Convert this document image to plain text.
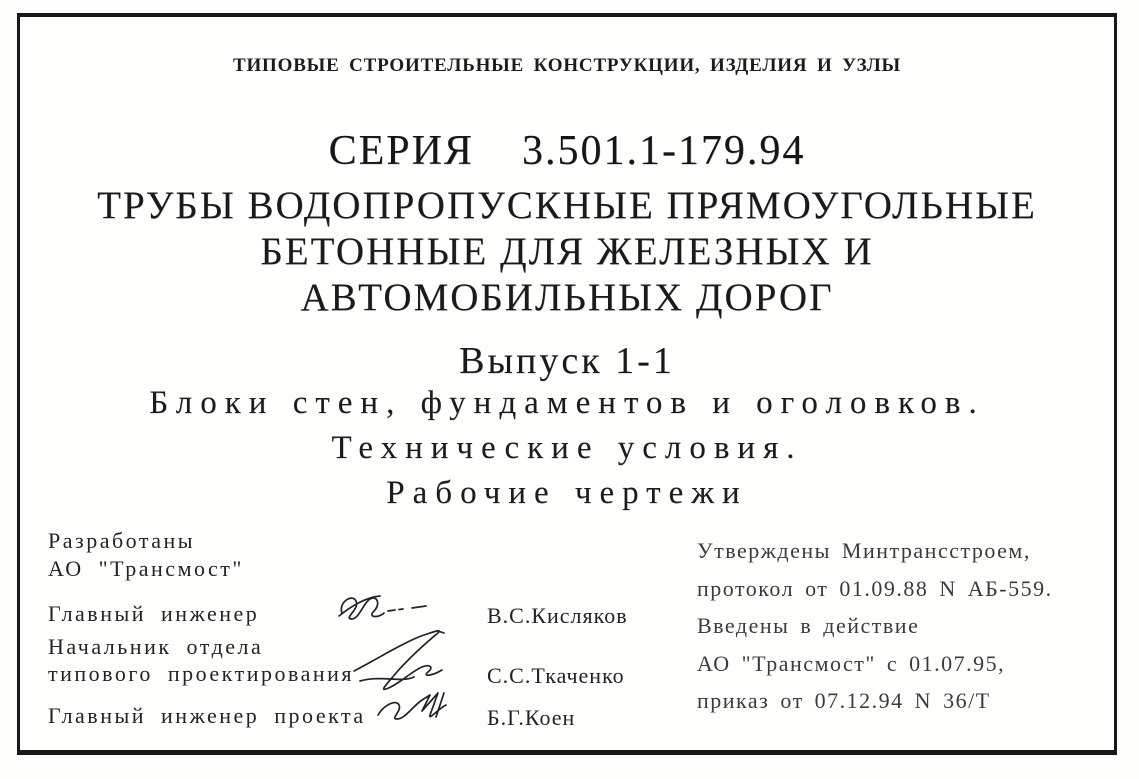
ТИПОВЫЕ СТРОИТЕЛЬНЫЕ КОНСТРУКЦИИ, ИЗДЕЛИЯ И УЗЛЫ
СЕРИЯ 3.501.1-179.94
ТРУБЫ ВОДОПРОПУСКНЫЕ ПРЯМОУГОЛЬНЫЕ
БЕТОННЫЕ ДЛЯ ЖЕЛЕЗНЫХ И
АВТОМОБИЛЬНЫХ ДОРОГ
Выпуск 1-1
Блоки стен, фундаментов и оголовков.
Технические условия.
Рабочие чертежи
Разработаны
АО "Трансмост"
Главный инженер	В.С.Кисляков
Начальник отдела
типового проектирования	С.С.Ткаченко
Главный инженер проекта	Б.Г.Коен
Утверждены Минтрансстроем,
протокол от 01.09.88 N АБ-559.
Введены в действие
АО "Трансмост" с 01.07.95,
приказ от 07.12.94 N 36/Т
